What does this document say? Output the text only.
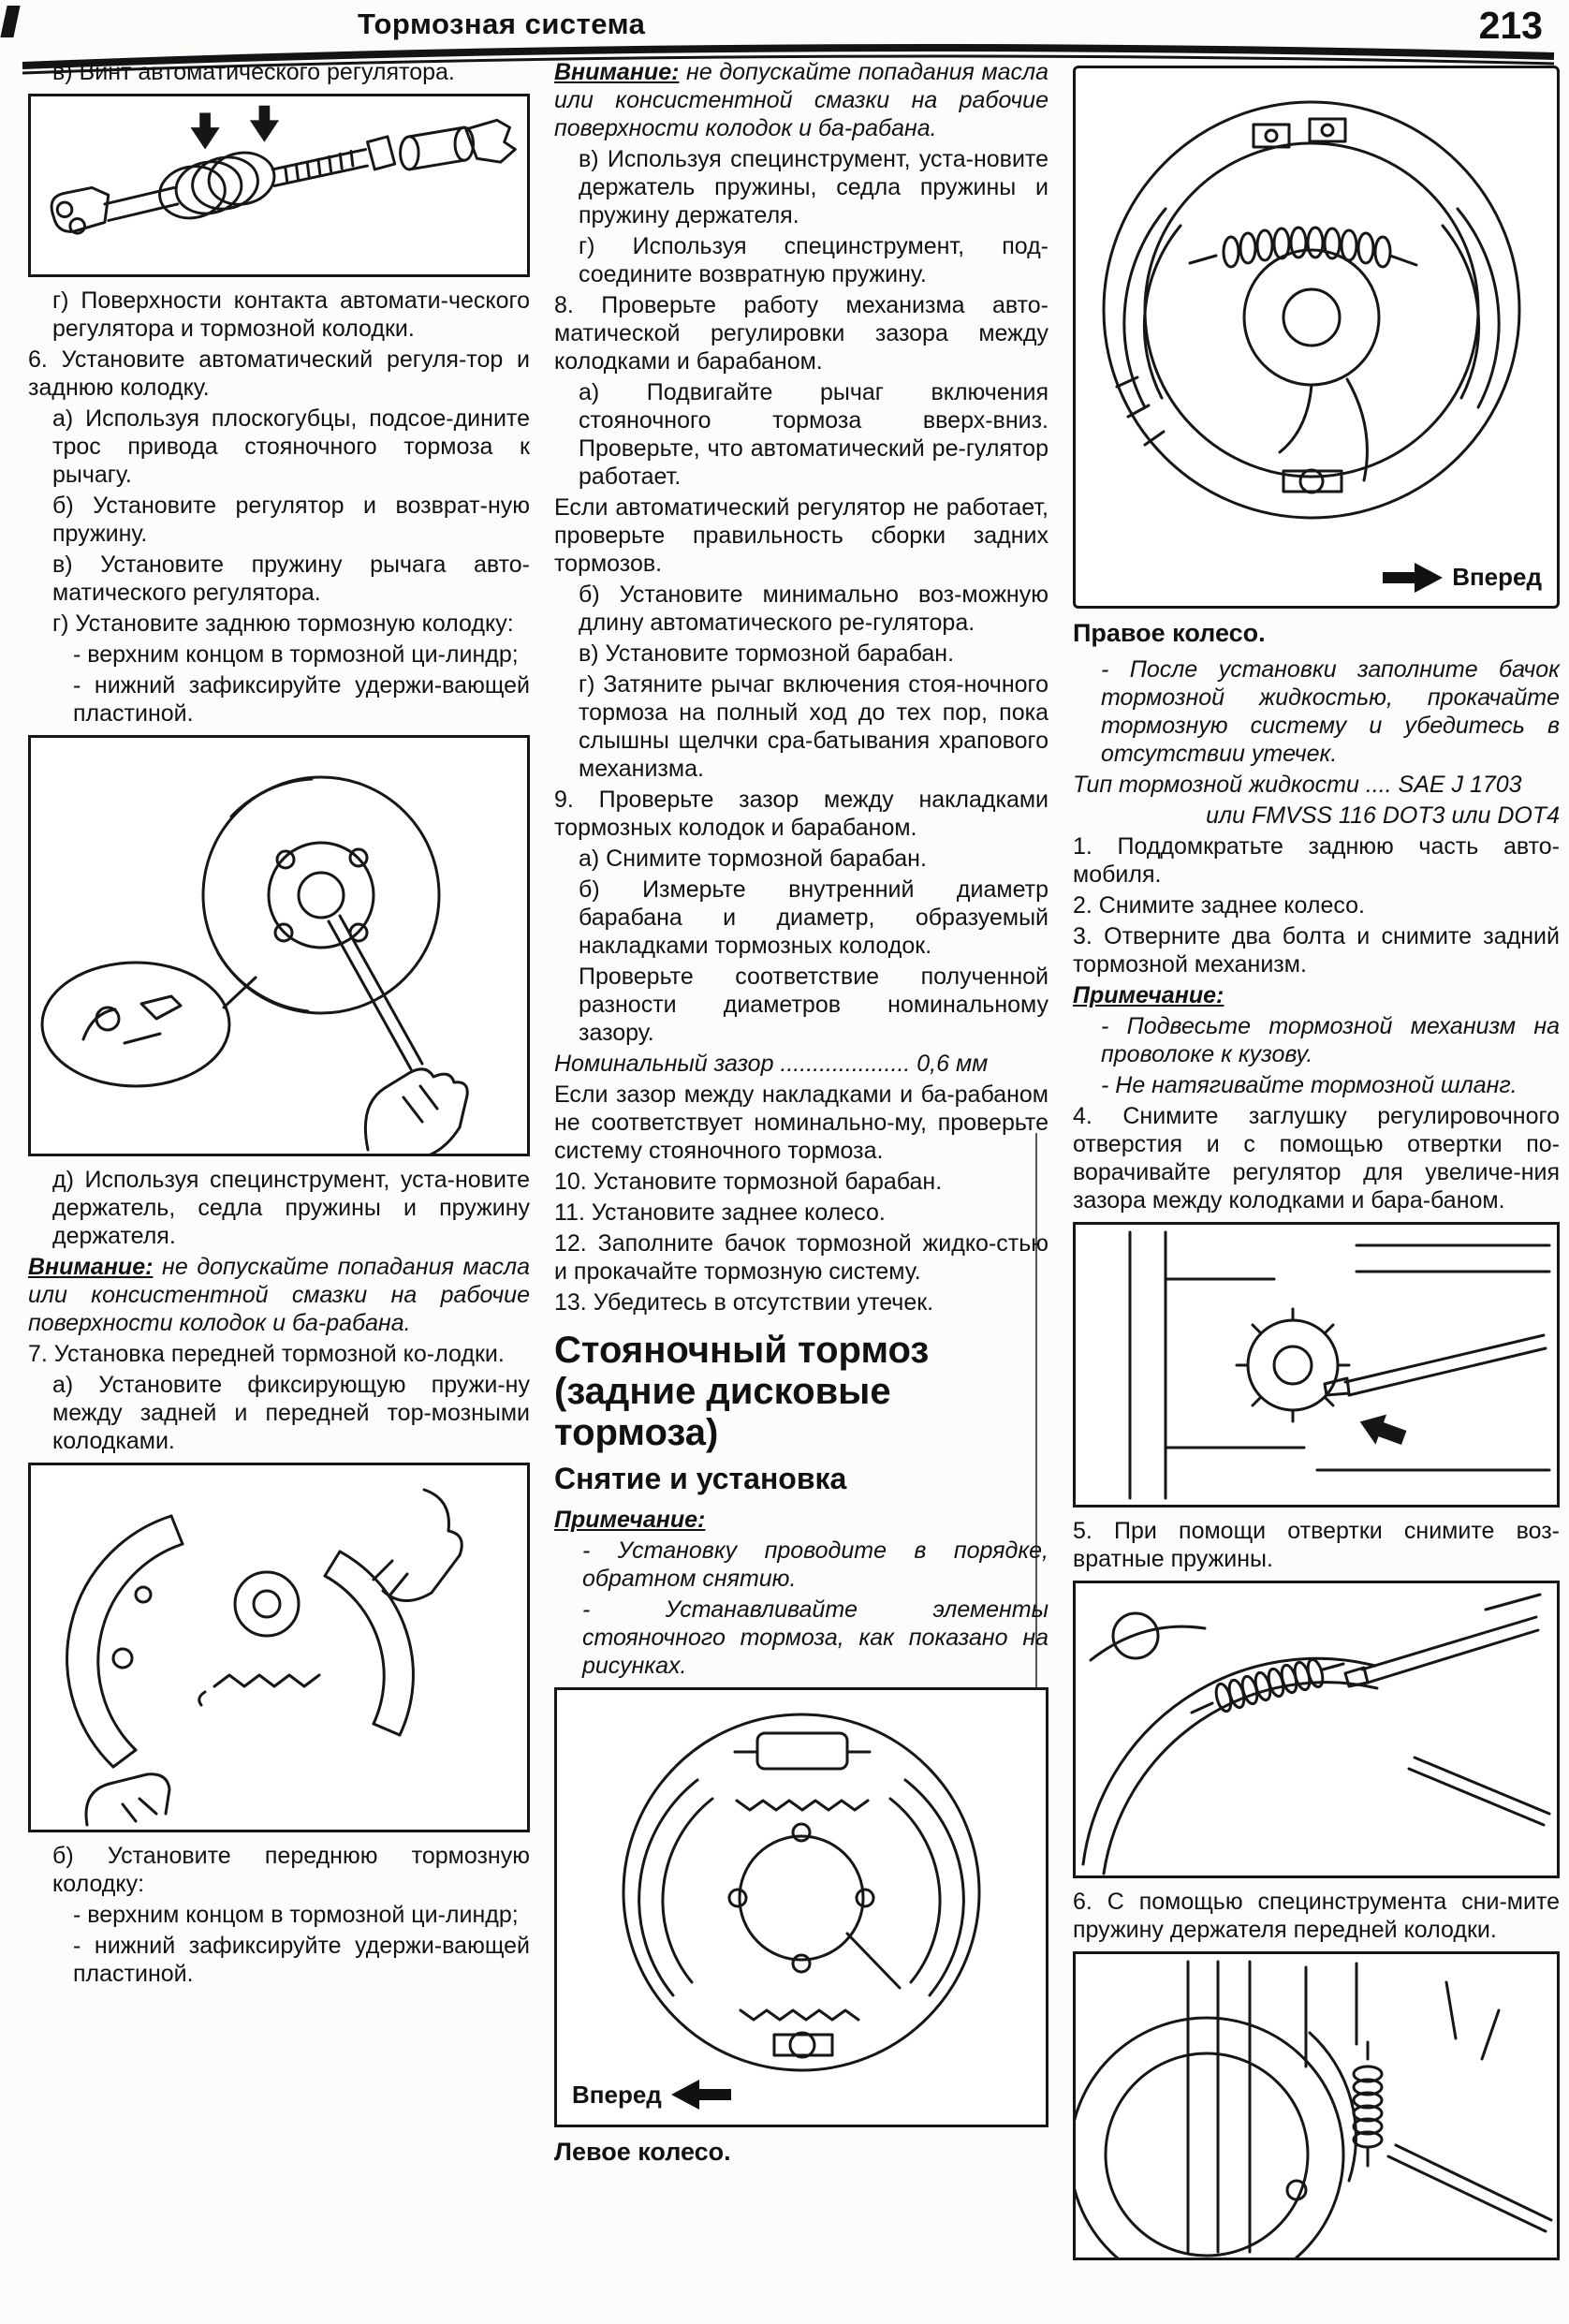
Тормозная система	213

в) Винт автоматического регулятора.

г) Поверхности контакта автомати-ческого регулятора и тормозной колодки.

6. Установите автоматический регуля-тор и заднюю колодку.

а) Используя плоскогубцы, подсое-дините трос привода стояночного тормоза к рычагу.

б) Установите регулятор и возврат-ную пружину.

в) Установите пружину рычага авто-матического регулятора.

г) Установите заднюю тормозную колодку:

- верхним концом в тормозной ци-линдр;

- нижний зафиксируйте удержи-вающей пластиной.

д) Используя специнструмент, уста-новите держатель, седла пружины и пружину держателя.

Внимание: не допускайте попадания масла или консистентной смазки на рабочие поверхности колодок и ба-рабана.

7. Установка передней тормозной ко-лодки.

а) Установите фиксирующую пружи-ну между задней и передней тор-мозными колодками.

б) Установите переднюю тормозную колодку:

- верхним концом в тормозной ци-линдр;

- нижний зафиксируйте удержи-вающей пластиной.

Внимание: не допускайте попадания масла или консистентной смазки на рабочие поверхности колодок и ба-рабана.

в) Используя специнструмент, уста-новите держатель пружины, седла пружины и пружину держателя.

г) Используя специнструмент, под-соедините возвратную пружину.

8. Проверьте работу механизма авто-матической регулировки зазора между колодками и барабаном.

а) Подвигайте рычаг включения стояночного тормоза вверх-вниз. Проверьте, что автоматический ре-гулятор работает.

Если автоматический регулятор не работает, проверьте правильность сборки задних тормозов.

б) Установите минимально воз-можную длину автоматического ре-гулятора.

в) Установите тормозной барабан.

г) Затяните рычаг включения стоя-ночного тормоза на полный ход до тех пор, пока слышны щелчки сра-батывания храпового механизма.

9. Проверьте зазор между накладками тормозных колодок и барабаном.

а) Снимите тормозной барабан.

б) Измерьте внутренний диаметр барабана и диаметр, образуемый накладками тормозных колодок.

Проверьте соответствие полученной разности диаметров номинальному зазору.

Номинальный зазор .................... 0,6 мм

Если зазор между накладками и ба-рабаном не соответствует номинально-му, проверьте систему стояночного тормоза.

10. Установите тормозной барабан.

11. Установите заднее колесо.

12. Заполните бачок тормозной жидко-стью и прокачайте тормозную систему.

13. Убедитесь в отсутствии утечек.

Стояночный тормоз (задние дисковые тормоза)
Снятие и установка

Примечание:

- Установку проводите в порядке, обратном снятию.

- Устанавливайте элементы стояночного тормоза, как показано на рисунках.

Вперед
Левое колесо.
Вперед
Правое колесо.

- После установки заполните бачок тормозной жидкостью, прокачайте тормозную систему и убедитесь в отсутствии утечек.

Тип тормозной жидкости .... SAE J 1703

или FMVSS 116 DOT3 или DOT4

1. Поддомкратьте заднюю часть авто-мобиля.

2. Снимите заднее колесо.

3. Отверните два болта и снимите задний тормозной механизм.

Примечание:

- Подвесьте тормозной механизм на проволоке к кузову.

- Не натягивайте тормозной шланг.

4. Снимите заглушку регулировочного отверстия и с помощью отвертки по-ворачивайте регулятор для увеличе-ния зазора между колодками и бара-баном.

5. При помощи отвертки снимите воз-вратные пружины.

6. С помощью специнструмента сни-мите пружину держателя передней колодки.
